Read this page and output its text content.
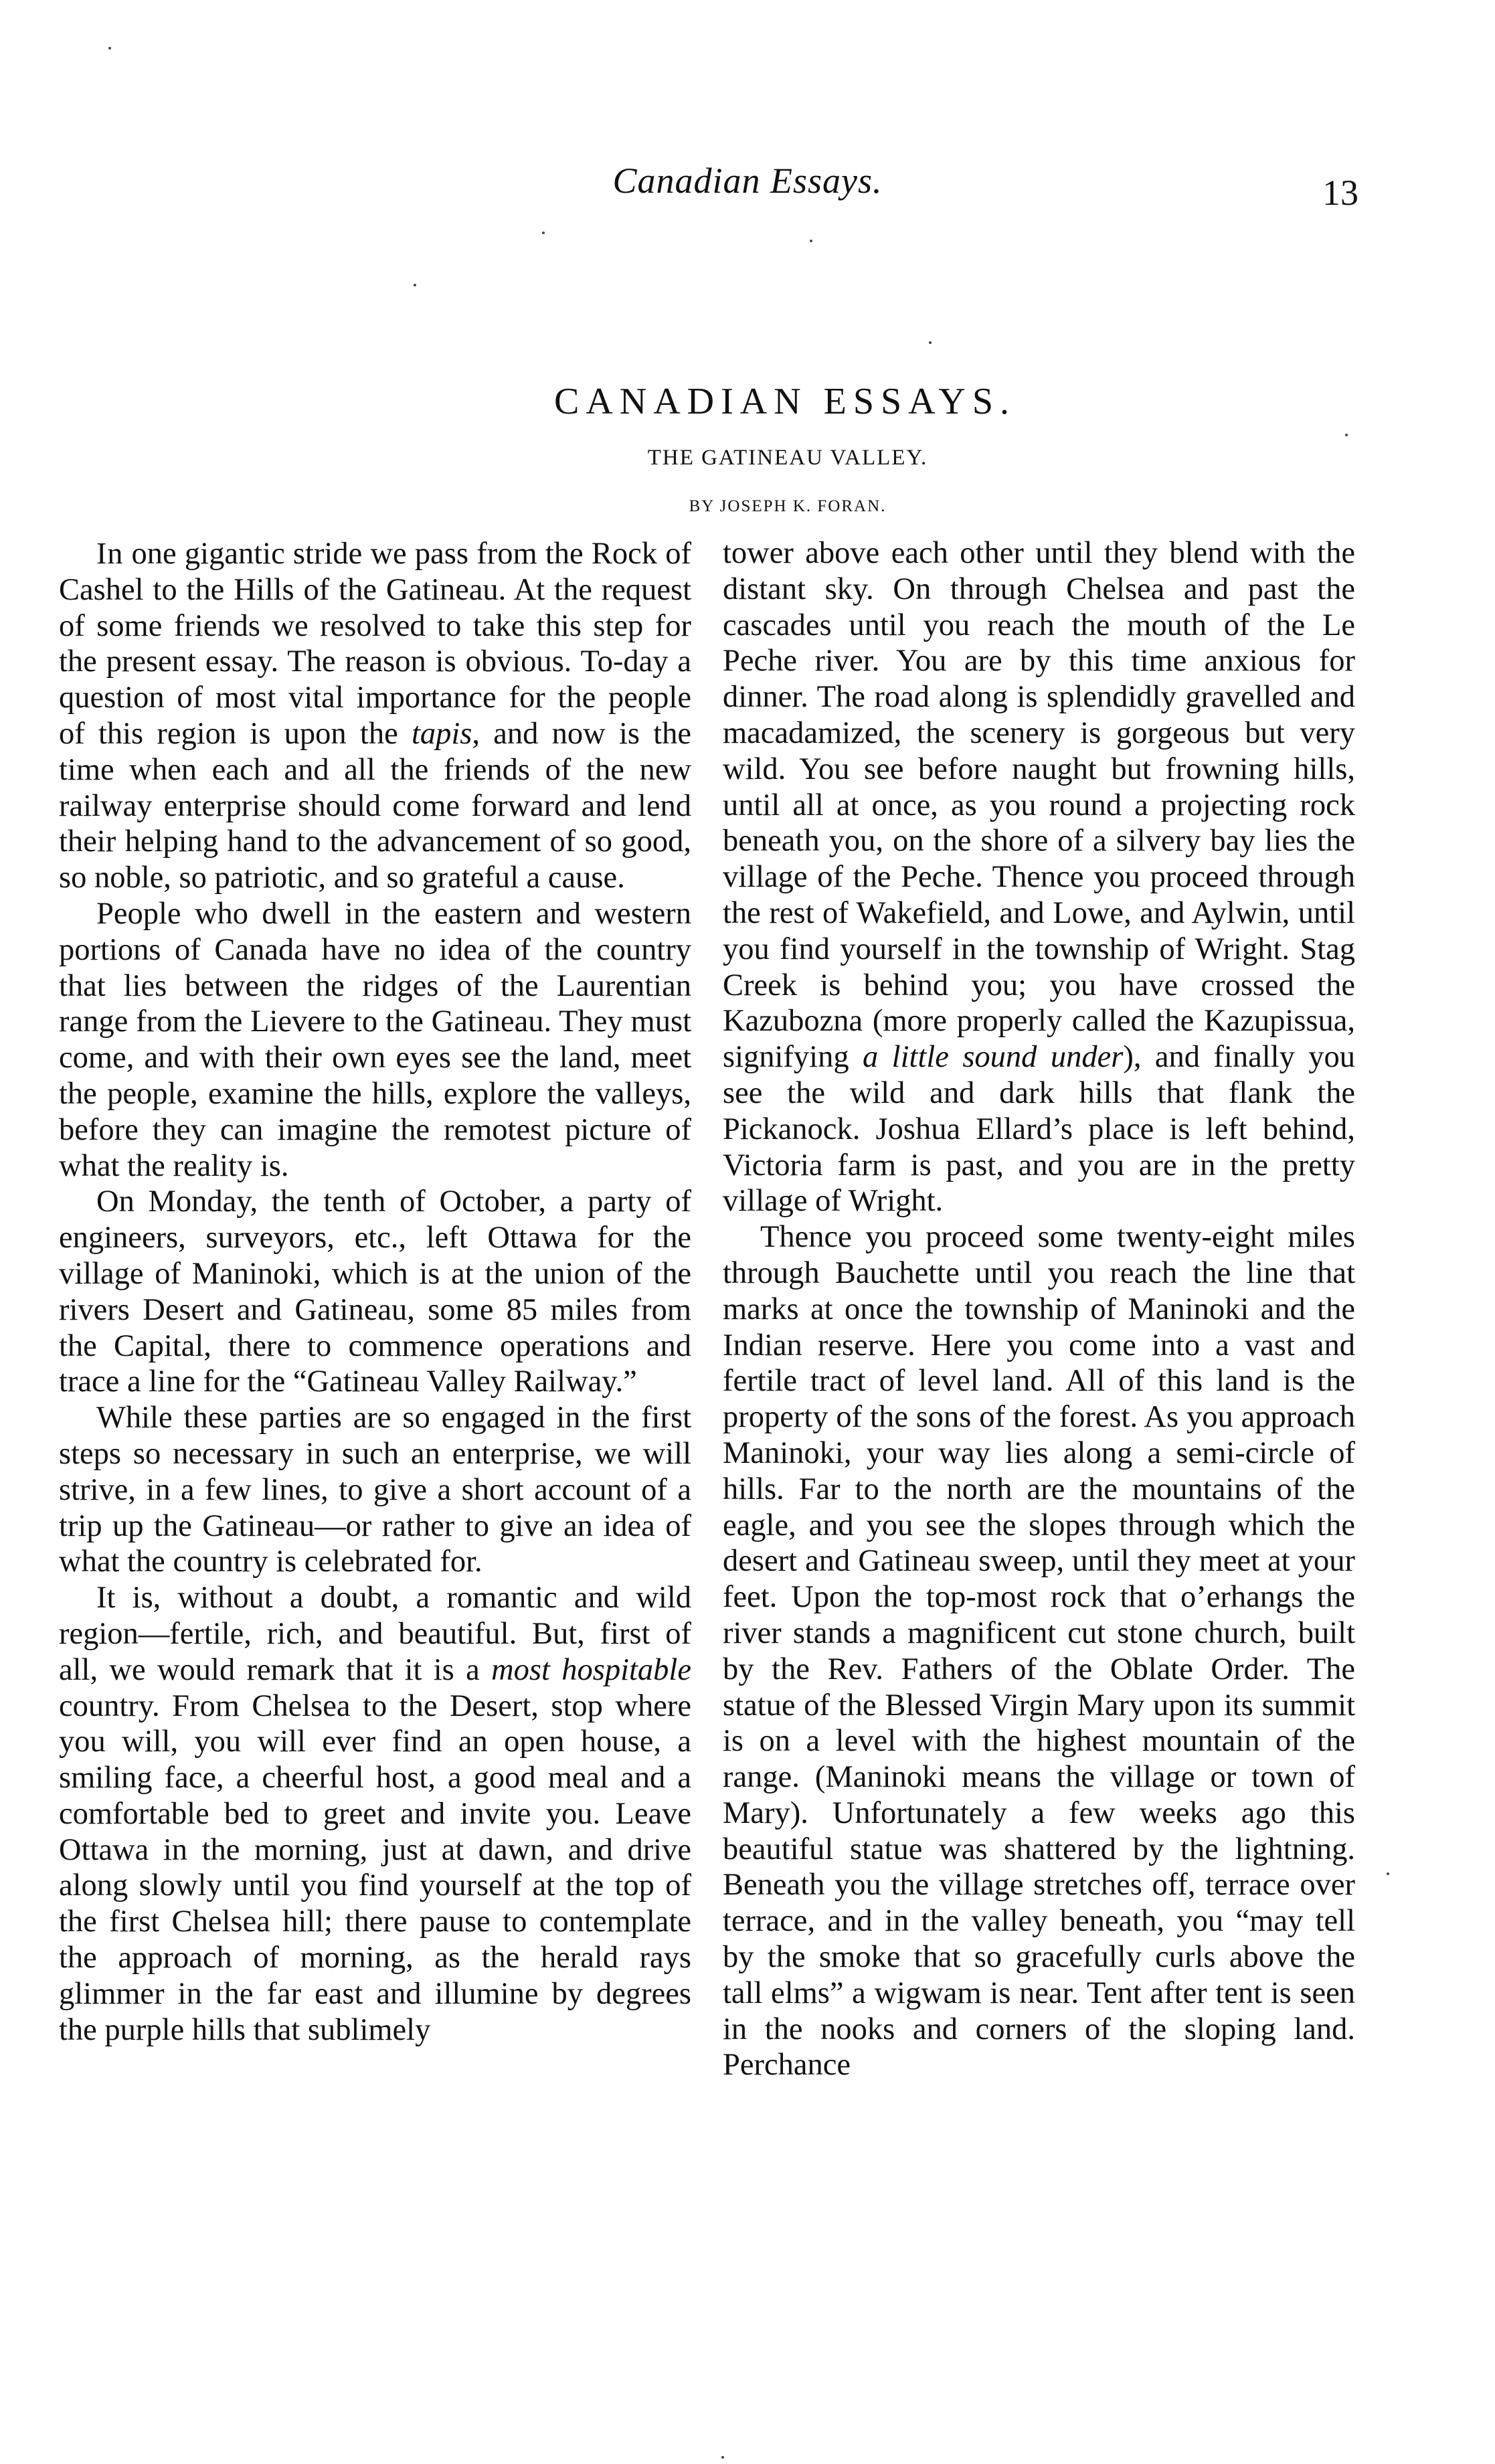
Canadian Essays.	13
CANADIAN ESSAYS.
THE GATINEAU VALLEY.
BY JOSEPH K. FORAN.

In one gigantic stride we pass from the Rock of Cashel to the Hills of the Gatineau. At the request of some friends we resolved to take this step for the present essay. The reason is obvious. To-day a question of most vital importance for the people of this region is upon the tapis, and now is the time when each and all the friends of the new railway enterprise should come forward and lend their helping hand to the advancement of so good, so noble, so patriotic, and so grateful a cause.

People who dwell in the eastern and western portions of Canada have no idea of the country that lies between the ridges of the Laurentian range from the Lievere to the Gatineau. They must come, and with their own eyes see the land, meet the people, examine the hills, explore the valleys, before they can imagine the remotest picture of what the reality is.

On Monday, the tenth of October, a party of engineers, surveyors, etc., left Ottawa for the village of Maninoki, which is at the union of the rivers Desert and Gatineau, some 85 miles from the Capital, there to commence operations and trace a line for the “Gatineau Valley Railway.”

While these parties are so engaged in the first steps so necessary in such an enterprise, we will strive, in a few lines, to give a short account of a trip up the Gatineau—or rather to give an idea of what the country is celebrated for.

It is, without a doubt, a romantic and wild region—fertile, rich, and beautiful. But, first of all, we would remark that it is a most hospitable country. From Chelsea to the Desert, stop where you will, you will ever find an open house, a smiling face, a cheerful host, a good meal and a comfortable bed to greet and invite you. Leave Ottawa in the morning, just at dawn, and drive along slowly until you find yourself at the top of the first Chelsea hill; there pause to contemplate the approach of morning, as the herald rays glimmer in the far east and illumine by degrees the purple hills that sublimely

tower above each other until they blend with the distant sky. On through Chelsea and past the cascades until you reach the mouth of the Le Peche river. You are by this time anxious for dinner. The road along is splendidly gravelled and macadamized, the scenery is gorgeous but very wild. You see before naught but frowning hills, until all at once, as you round a projecting rock beneath you, on the shore of a silvery bay lies the village of the Peche. Thence you proceed through the rest of Wakefield, and Lowe, and Aylwin, until you find yourself in the township of Wright. Stag Creek is behind you; you have crossed the Kazubozna (more properly called the Kazupissua, signifying a little sound under), and finally you see the wild and dark hills that flank the Pickanock. Joshua Ellard’s place is left behind, Victoria farm is past, and you are in the pretty village of Wright.

Thence you proceed some twenty-eight miles through Bauchette until you reach the line that marks at once the township of Maninoki and the Indian reserve. Here you come into a vast and fertile tract of level land. All of this land is the property of the sons of the forest. As you approach Maninoki, your way lies along a semi-circle of hills. Far to the north are the mountains of the eagle, and you see the slopes through which the desert and Gatineau sweep, until they meet at your feet. Upon the top-most rock that o’erhangs the river stands a magnificent cut stone church, built by the Rev. Fathers of the Oblate Order. The statue of the Blessed Virgin Mary upon its summit is on a level with the highest mountain of the range. (Maninoki means the village or town of Mary). Unfortunately a few weeks ago this beautiful statue was shattered by the lightning. Beneath you the village stretches off, terrace over terrace, and in the valley beneath, you “may tell by the smoke that so gracefully curls above the tall elms” a wigwam is near. Tent after tent is seen in the nooks and corners of the sloping land. Perchance
